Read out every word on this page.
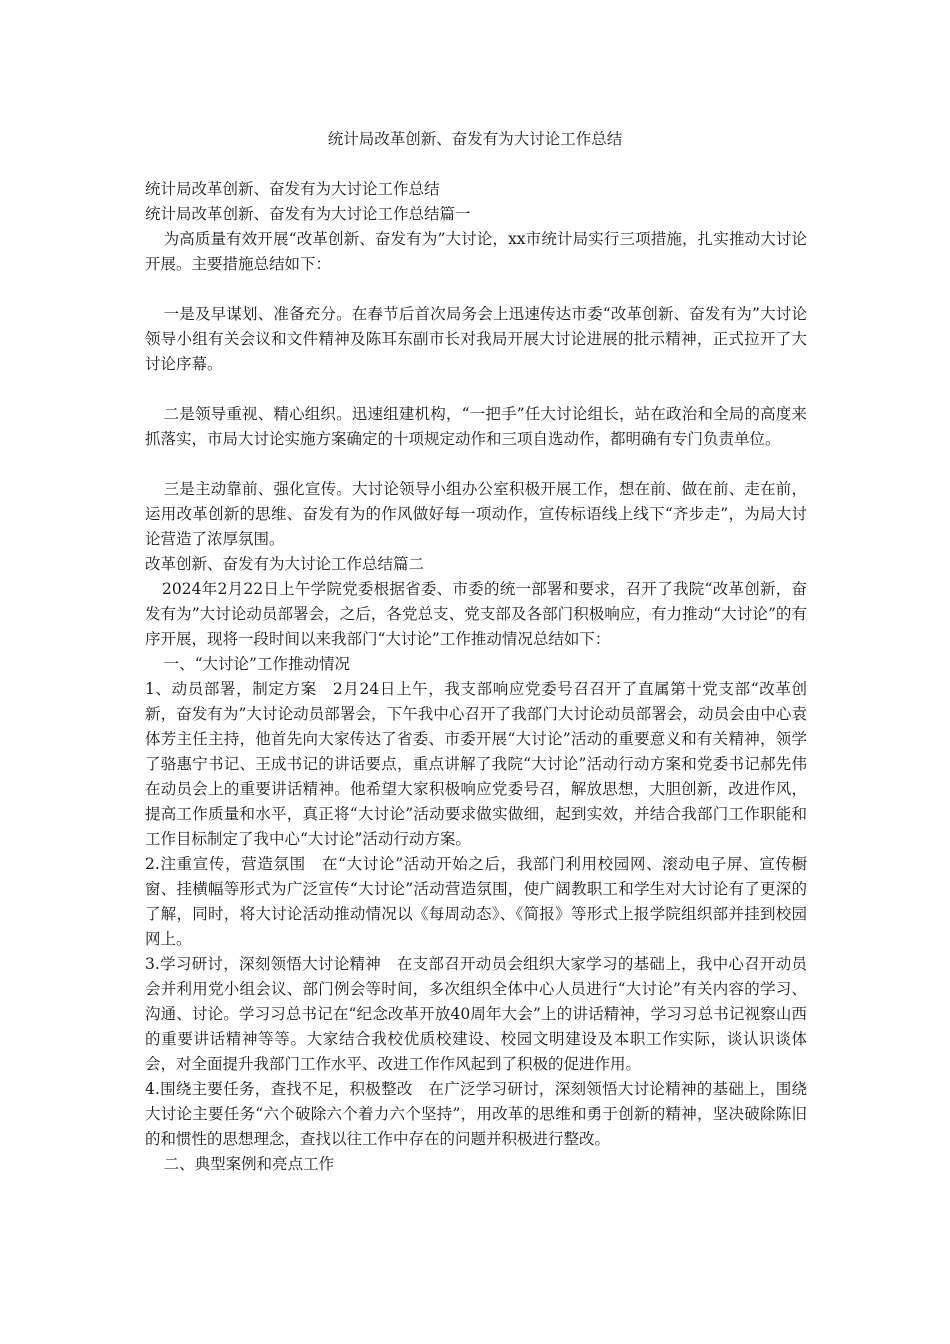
统计局改革创新、奋发有为大讨论工作总结

统计局改革创新、奋发有为大讨论工作总结

统计局改革创新、奋发有为大讨论工作总结篇一

为高质量有效开展“改革创新、奋发有为”大讨论，xx市统计局实行三项措施，扎实推动大讨论开展。主要措施总结如下：

一是及早谋划、准备充分。在春节后首次局务会上迅速传达市委“改革创新、奋发有为”大讨论领导小组有关会议和文件精神及陈耳东副市长对我局开展大讨论进展的批示精神，正式拉开了大讨论序幕。

二是领导重视、精心组织。迅速组建机构，“一把手”任大讨论组长，站在政治和全局的高度来抓落实，市局大讨论实施方案确定的十项规定动作和三项自选动作，都明确有专门负责单位。

三是主动靠前、强化宣传。大讨论领导小组办公室积极开展工作，想在前、做在前、走在前，运用改革创新的思维、奋发有为的作风做好每一项动作，宣传标语线上线下“齐步走”，为局大讨论营造了浓厚氛围。

改革创新、奋发有为大讨论工作总结篇二

2024年2月22日上午学院党委根据省委、市委的统一部署和要求，召开了我院“改革创新，奋发有为”大讨论动员部署会，之后，各党总支、党支部及各部门积极响应，有力推动“大讨论”的有序开展，现将一段时间以来我部门“大讨论”工作推动情况总结如下：

一、“大讨论”工作推动情况

1、动员部署，制定方案　2月24日上午，我支部响应党委号召召开了直属第十党支部“改革创新，奋发有为”大讨论动员部署会，下午我中心召开了我部门大讨论动员部署会，动员会由中心袁体芳主任主持，他首先向大家传达了省委、市委开展“大讨论”活动的重要意义和有关精神，领学了骆惠宁书记、王成书记的讲话要点，重点讲解了我院“大讨论”活动行动方案和党委书记郝先伟在动员会上的重要讲话精神。他希望大家积极响应党委号召，解放思想，大胆创新，改进作风，提高工作质量和水平，真正将“大讨论”活动要求做实做细，起到实效，并结合我部门工作职能和工作目标制定了我中心“大讨论”活动行动方案。

2.注重宣传，营造氛围　在“大讨论”活动开始之后，我部门利用校园网、滚动电子屏、宣传橱窗、挂横幅等形式为广泛宣传“大讨论”活动营造氛围，使广阔教职工和学生对大讨论有了更深的了解，同时，将大讨论活动推动情况以《每周动态》、《简报》等形式上报学院组织部并挂到校园网上。

3.学习研讨，深刻领悟大讨论精神　在支部召开动员会组织大家学习的基础上，我中心召开动员会并利用党小组会议、部门例会等时间，多次组织全体中心人员进行“大讨论”有关内容的学习、沟通、讨论。学习习总书记在“纪念改革开放40周年大会”上的讲话精神，学习习总书记视察山西的重要讲话精神等等。大家结合我校优质校建设、校园文明建设及本职工作实际，谈认识谈体会，对全面提升我部门工作水平、改进工作作风起到了积极的促进作用。

4.围绕主要任务，查找不足，积极整改　在广泛学习研讨，深刻领悟大讨论精神的基础上，围绕大讨论主要任务“六个破除六个着力六个坚持”，用改革的思维和勇于创新的精神，坚决破除陈旧的和惯性的思想理念，查找以往工作中存在的问题并积极进行整改。

二、典型案例和亮点工作
